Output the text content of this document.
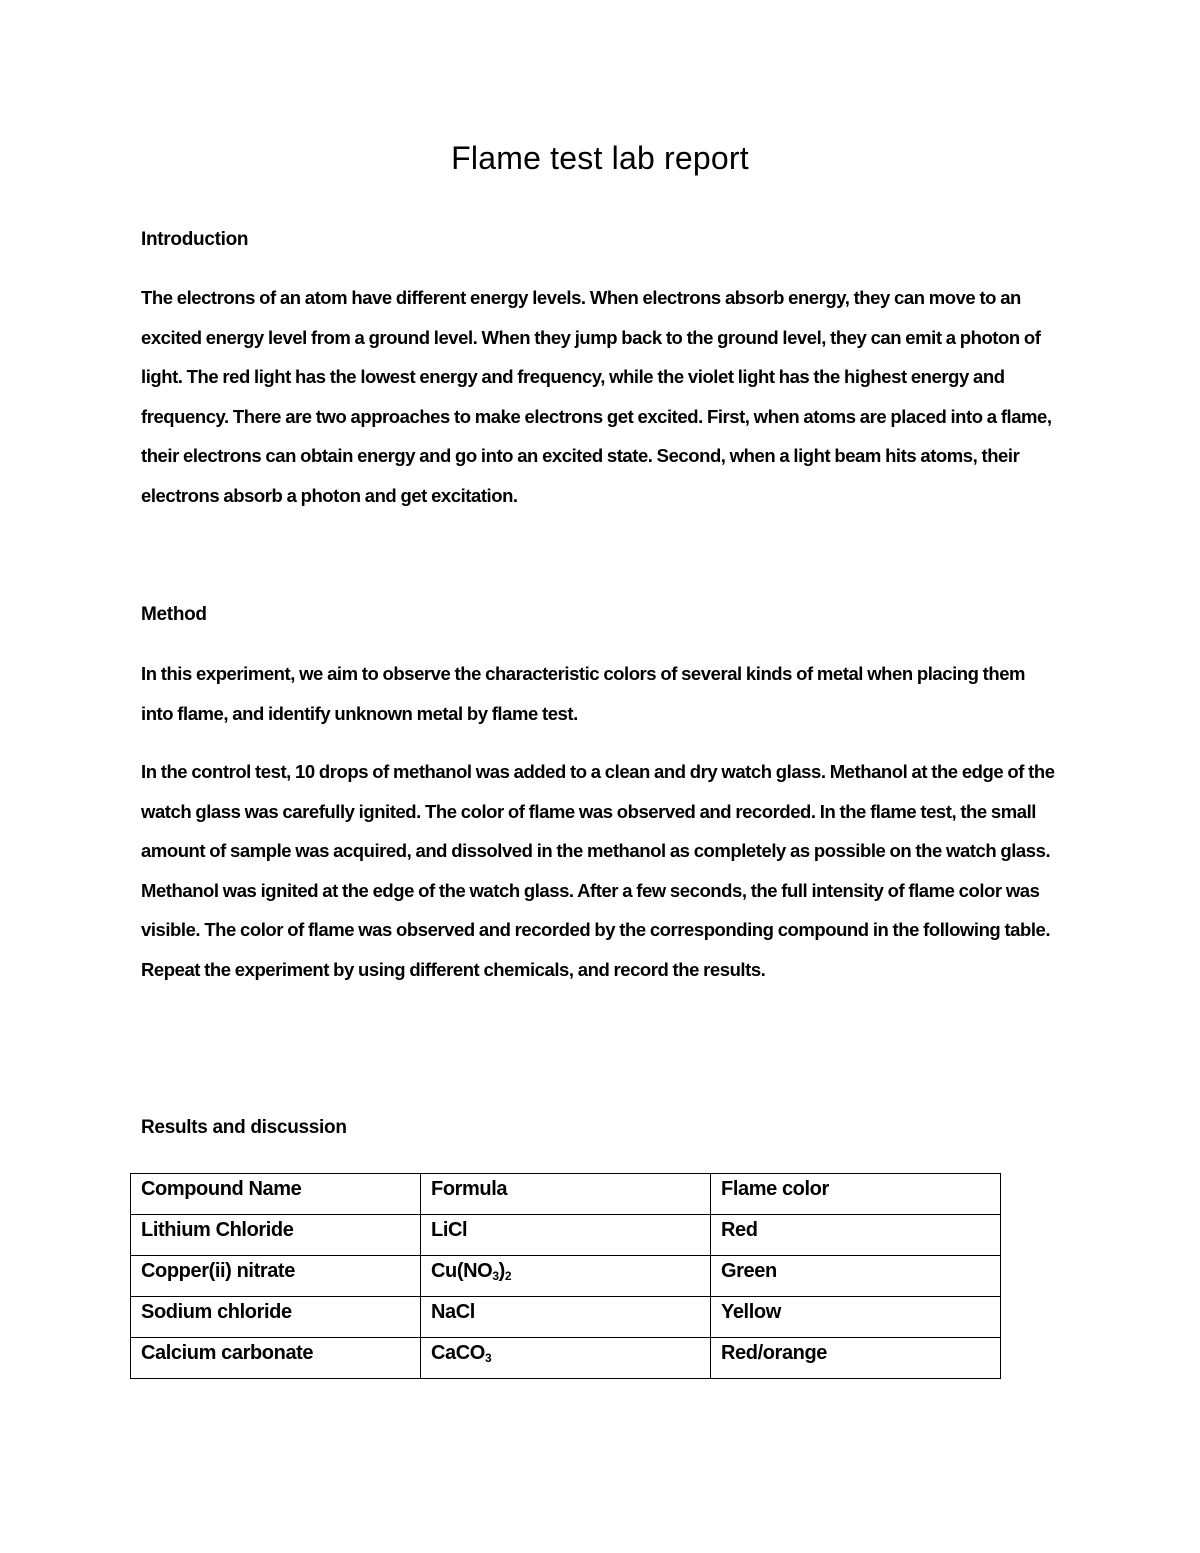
Flame test lab report
Introduction

The electrons of an atom have different energy levels. When electrons absorb energy, they can move to an excited energy level from a ground level. When they jump back to the ground level, they can emit a photon of light. The red light has the lowest energy and frequency, while the violet light has the highest energy and frequency. There are two approaches to make electrons get excited. First, when atoms are placed into a flame, their electrons can obtain energy and go into an excited state. Second, when a light beam hits atoms, their electrons absorb a photon and get excitation.

Method

In this experiment, we aim to observe the characteristic colors of several kinds of metal when placing them into flame, and identify unknown metal by flame test.

In the control test, 10 drops of methanol was added to a clean and dry watch glass. Methanol at the edge of the watch glass was carefully ignited. The color of flame was observed and recorded. In the flame test, the small amount of sample was acquired, and dissolved in the methanol as completely as possible on the watch glass. Methanol was ignited at the edge of the watch glass. After a few seconds, the full intensity of flame color was visible. The color of flame was observed and recorded by the corresponding compound in the following table. Repeat the experiment by using different chemicals, and record the results.

Results and discussion
Compound Name	Formula	Flame color
Lithium Chloride	LiCl	Red
Copper(ii) nitrate	$Cu(NO_3)_2$	Green
Sodium chloride	NaCl	Yellow
Calcium carbonate	CaCO$_3$	Red/orange
